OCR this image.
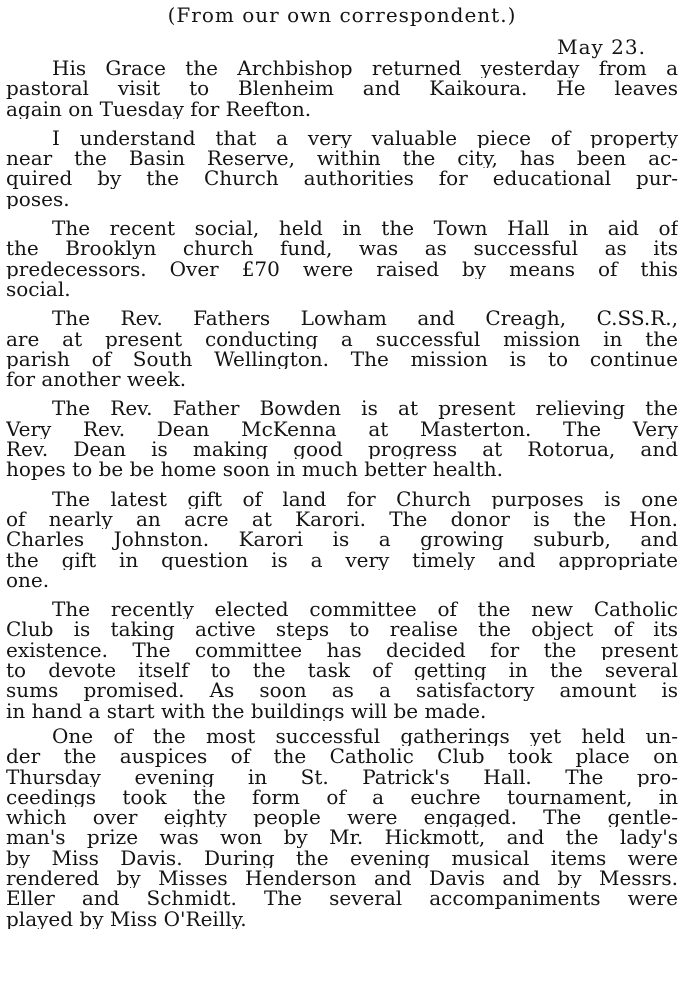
(From our own correspondent.)
May 23.

His Grace the Archbishop returned yesterday from a
pastoral visit to Blenheim and Kaikoura. He leaves
again on Tuesday for Reefton.

I understand that a very valuable piece of property
near the Basin Reserve, within the city, has been ac-
quired by the Church authorities for educational pur-
poses.

The recent social, held in the Town Hall in aid of
the Brooklyn church fund, was as successful as its
predecessors. Over £70 were raised by means of this
social.

The Rev. Fathers Lowham and Creagh, C.SS.R.,
are at present conducting a successful mission in the
parish of South Wellington. The mission is to continue
for another week.

The Rev. Father Bowden is at present relieving the
Very Rev. Dean McKenna at Masterton. The Very
Rev. Dean is making good progress at Rotorua, and
hopes to be be home soon in much better health.

The latest gift of land for Church purposes is one
of nearly an acre at Karori. The donor is the Hon.
Charles Johnston. Karori is a growing suburb, and
the gift in question is a very timely and appropriate
one.

The recently elected committee of the new Catholic
Club is taking active steps to realise the object of its
existence. The committee has decided for the present
to devote itself to the task of getting in the several
sums promised. As soon as a satisfactory amount is
in hand a start with the buildings will be made.

One of the most successful gatherings yet held un-
der the auspices of the Catholic Club took place on
Thursday evening in St. Patrick's Hall. The pro-
ceedings took the form of a euchre tournament, in
which over eighty people were engaged. The gentle-
man's prize was won by Mr. Hickmott, and the lady's
by Miss Davis. During the evening musical items were
rendered by Misses Henderson and Davis and by Messrs.
Eller and Schmidt. The several accompaniments were
played by Miss O'Reilly.
